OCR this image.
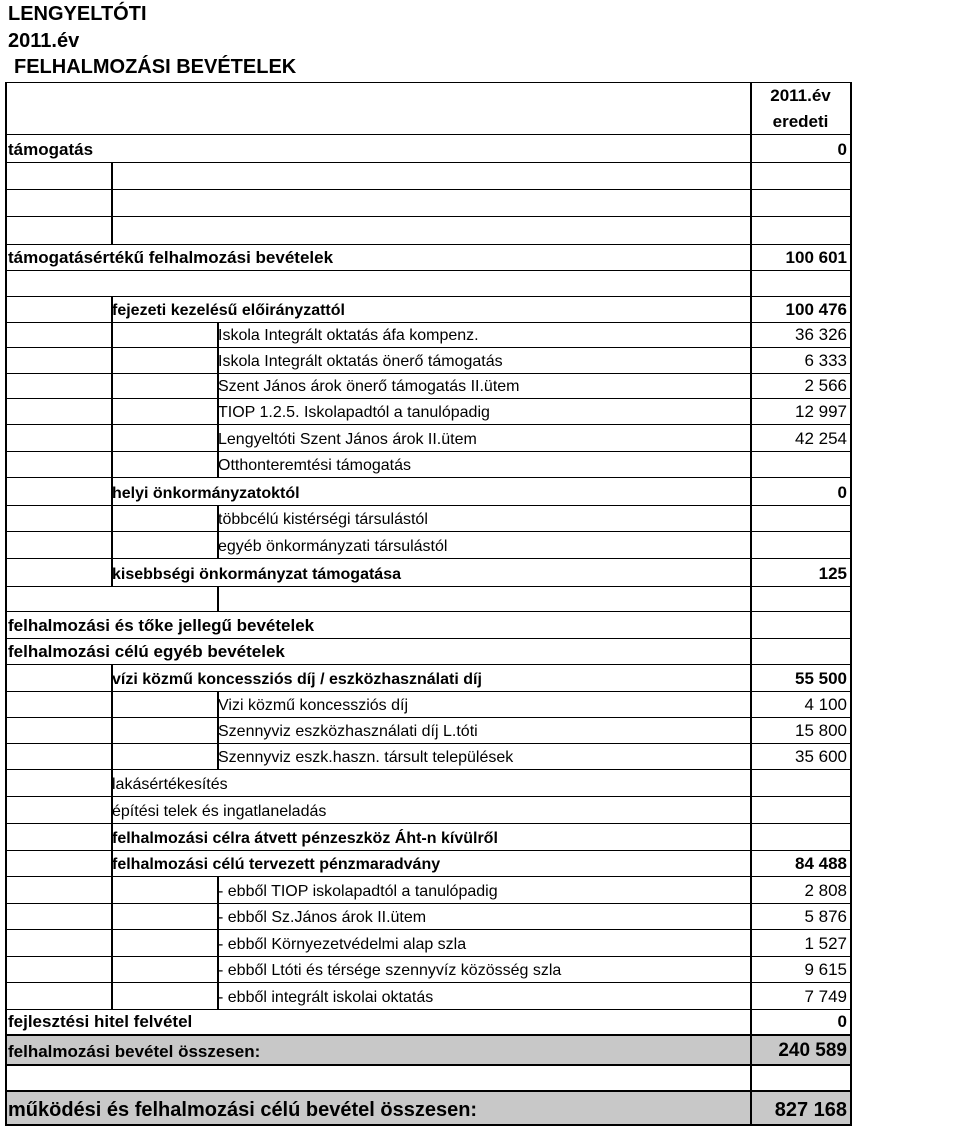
LENGYELTÓTI
2011.év
FELHALMOZÁSI BEVÉTELEK
2011.év
eredeti
támogatás	0
támogatásértékű felhalmozási bevételek	100 601
fejezeti kezelésű előirányzattól	100 476
Iskola Integrált oktatás áfa kompenz.	36 326
Iskola Integrált oktatás önerő támogatás	6 333
Szent János árok önerő támogatás II.ütem	2 566
TIOP 1.2.5. Iskolapadtól a tanulópadig	12 997
Lengyeltóti Szent János árok II.ütem	42 254
Otthonteremtési támogatás
helyi önkormányzatoktól	0
többcélú kistérségi társulástól
egyéb önkormányzati társulástól
kisebbségi önkormányzat támogatása	125
felhalmozási és tőke jellegű bevételek
felhalmozási célú egyéb bevételek
vízi közmű koncessziós díj / eszközhasználati díj	55 500
Vizi közmű koncessziós díj	4 100
Szennyviz eszközhasználati díj L.tóti	15 800
Szennyviz eszk.haszn. társult települések	35 600
lakásértékesítés
építési telek és ingatlaneladás
felhalmozási célra átvett pénzeszköz Áht-n kívülről
felhalmozási célú tervezett pénzmaradvány	84 488
- ebből TIOP iskolapadtól a tanulópadig	2 808
- ebből Sz.János árok II.ütem	5 876
- ebből Környezetvédelmi alap szla	1 527
- ebből Ltóti és térsége szennyvíz közösség szla	9 615
- ebből integrált iskolai oktatás	7 749
fejlesztési hitel felvétel	0
felhalmozási bevétel összesen:	240 589
működési és felhalmozási célú bevétel összesen:	827 168
